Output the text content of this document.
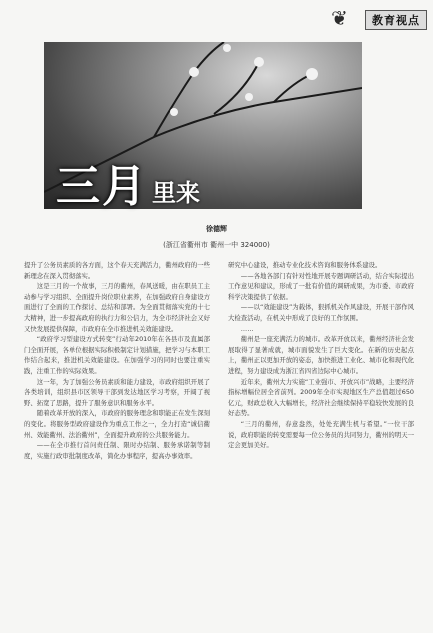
❦	教育视点
三月 里来
徐德辉
(浙江省衢州市 衢州一中 324000)

提升了公务员素质的各方面，这个春天充满活力，衢州政府的一些新理念在深入贯彻落实。

这是三月的一个故事，三月的衢州，春风送暖，由在职员工主动参与学习组织、全面提升岗位职业素养，在加强政府自身建设方面进行了全面的工作探讨、总结和部署。为全面贯彻落实党的十七大精神，进一步提高政府的执行力和公信力，为全市经济社会又好又快发展提供保障，市政府在全市推进机关效能建设。

“政府学习型建设方式转变”行动年2010年在各县市及直属部门全面开展，各单位根据实际积极制定计划措施，把学习与本职工作结合起来，推进机关效能建设。在加强学习的同时也要注重实践，注重工作的实际效果。

这一年，为了加强公务员素质和能力建设，市政府组织开展了各类培训，组织县市区领导干部到发达地区学习考察，开阔了视野、拓宽了思路，提升了服务意识和服务水平。

随着改革开放的深入，市政府的服务理念和职能正在发生深刻的变化。将服务型政府建设作为重点工作之一，全力打造“诚信衢州、效能衢州、法治衢州”，全面提升政府的公共服务能力。

——在全市推行首问责任制、限时办结制、服务承诺制等制度，实施行政审批制度改革，简化办事程序，提高办事效率。

研究中心建设，推动专业化技术咨询和服务体系建设。

——各地各部门有针对性地开展专题调研活动，结合实际提出工作意见和建议，形成了一批有价值的调研成果，为市委、市政府科学决策提供了依据。

——以“效能建设”为载体，狠抓机关作风建设，开展干部作风大检查活动，在机关中形成了良好的工作氛围。

……

衢州是一座充满活力的城市。改革开放以来，衢州经济社会发展取得了显著成就，城市面貌发生了巨大变化。在新的历史起点上，衢州正以更加开放的姿态，加快推进工业化、城市化和现代化进程，努力建设成为浙江省四省边际中心城市。

近年来，衢州大力实施“工业强市、开放兴市”战略，主要经济指标增幅位居全省前列。2009年全市实现地区生产总值超过650亿元，财政总收入大幅增长，经济社会继续保持平稳较快发展的良好态势。

“三月的衢州，春意盎然，处处充满生机与希望。”一位干部说，政府职能的转变需要每一位公务员的共同努力，衢州的明天一定会更加美好。
